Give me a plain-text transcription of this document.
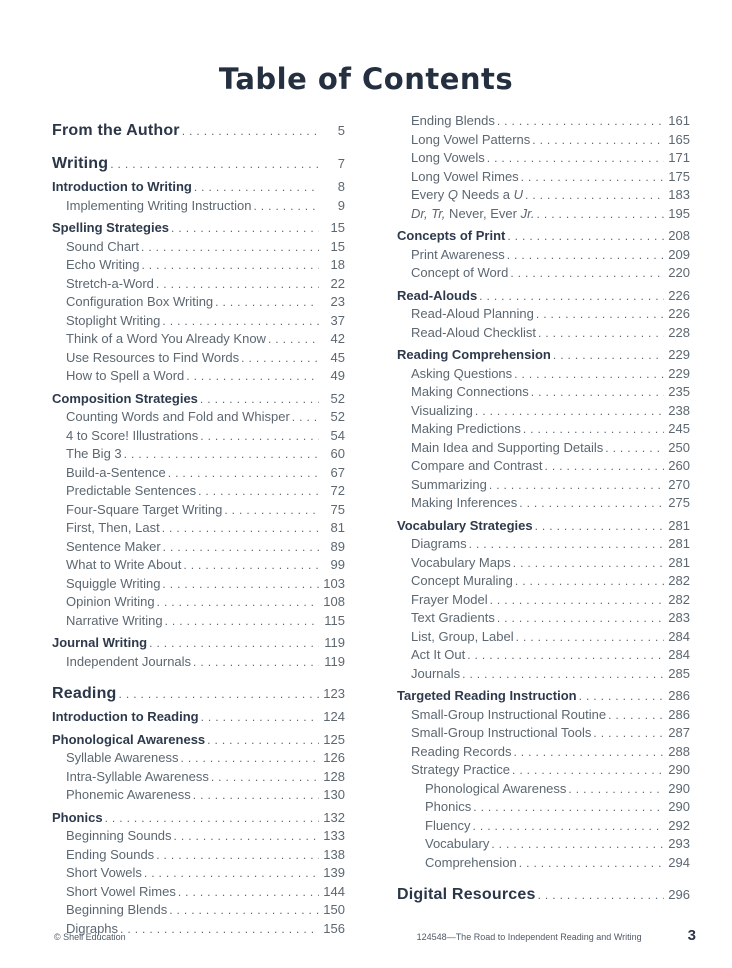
Table of Contents
From the Author .....	5
Writing .....	7
Introduction to Writing .....	8
Implementing Writing Instruction .....	9
Spelling Strategies .....	15
Sound Chart .....	15
Echo Writing .....	18
Stretch-a-Word .....	22
Configuration Box Writing .....	23
Stoplight Writing .....	37
Think of a Word You Already Know .....	42
Use Resources to Find Words .....	45
How to Spell a Word .....	49
Composition Strategies .....	52
Counting Words and Fold and Whisper .....	52
4 to Score! Illustrations .....	54
The Big 3 .....	60
Build-a-Sentence .....	67
Predictable Sentences .....	72
Four-Square Target Writing .....	75
First, Then, Last .....	81
Sentence Maker .....	89
What to Write About .....	99
Squiggle Writing .....	103
Opinion Writing .....	108
Narrative Writing .....	115
Journal Writing .....	119
Independent Journals .....	119
Reading .....	123
Introduction to Reading .....	124
Phonological Awareness .....	125
Syllable Awareness .....	126
Intra-Syllable Awareness .....	128
Phonemic Awareness .....	130
Phonics .....	132
Beginning Sounds .....	133
Ending Sounds .....	138
Short Vowels .....	139
Short Vowel Rimes .....	144
Beginning Blends .....	150
Digraphs .....	156
Ending Blends .....	161
Long Vowel Patterns .....	165
Long Vowels .....	171
Long Vowel Rimes .....	175
Every Q Needs a U .....	183
Dr, Tr, Never, Ever Jr. .....	195
Concepts of Print .....	208
Print Awareness .....	209
Concept of Word .....	220
Read-Alouds .....	226
Read-Aloud Planning .....	226
Read-Aloud Checklist .....	228
Reading Comprehension .....	229
Asking Questions .....	229
Making Connections .....	235
Visualizing .....	238
Making Predictions .....	245
Main Idea and Supporting Details .....	250
Compare and Contrast .....	260
Summarizing .....	270
Making Inferences .....	275
Vocabulary Strategies .....	281
Diagrams .....	281
Vocabulary Maps .....	281
Concept Muraling .....	282
Frayer Model .....	282
Text Gradients .....	283
List, Group, Label .....	284
Act It Out .....	284
Journals .....	285
Targeted Reading Instruction .....	286
Small-Group Instructional Routine .....	286
Small-Group Instructional Tools .....	287
Reading Records .....	288
Strategy Practice .....	290
Phonological Awareness .....	290
Phonics .....	290
Fluency .....	292
Vocabulary .....	293
Comprehension .....	294
Digital Resources .....	296
© Shell Education	124548—The Road to Independent Reading and Writing	3
